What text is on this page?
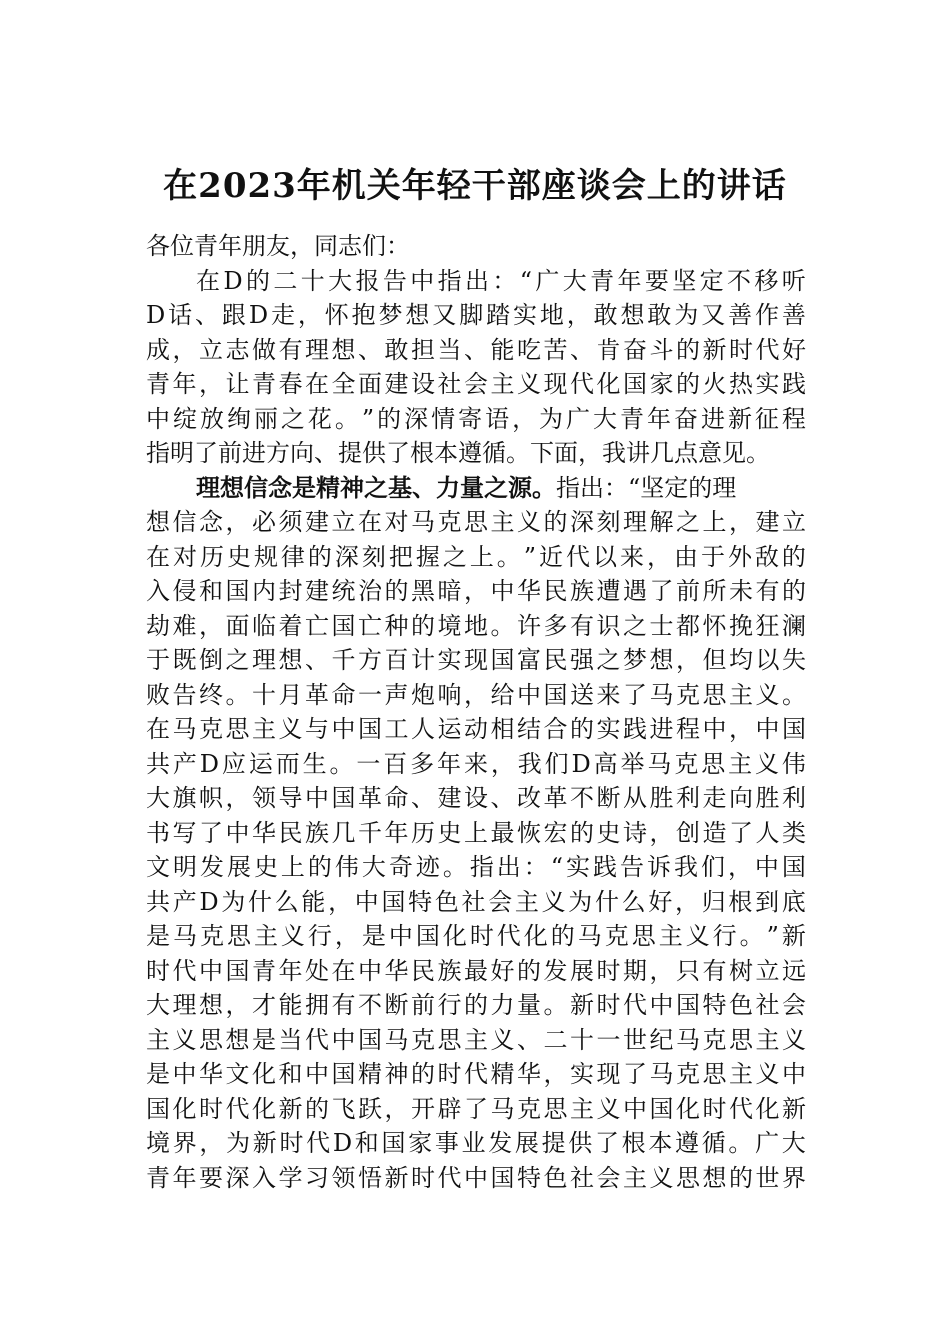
在2023年机关年轻干部座谈会上的讲话
各位青年朋友，同志们：
在 D 的 二 十 大 报 告 中 指 出 ： “ 广 大 青 年 要 坚 定 不 移 听
D 话 、 跟 D 走 ， 怀 抱 梦 想 又 脚 踏 实 地 ， 敢 想 敢 为 又 善 作 善
成 ， 立 志 做 有 理 想 、 敢 担 当 、 能 吃 苦 、 肯 奋 斗 的 新 时 代 好
青 年 ， 让 青 春 在 全 面 建 设 社 会 主 义 现 代 化 国 家 的 火 热 实 践
中 绽 放 绚 丽 之 花 。 ” 的 深 情 寄 语 ， 为 广 大 青 年 奋 进 新 征 程
指明了前进方向、提供了根本遵循。下面，我讲几点意见。
理想信念是精神之基、力量之源。指出：“坚定的理
想 信 念 ， 必 须 建 立 在 对 马 克 思 主 义 的 深 刻 理 解 之 上 ， 建 立
在 对 历 史 规 律 的 深 刻 把 握 之 上 。 ” 近 代 以 来 ， 由 于 外 敌 的
入 侵 和 国 内 封 建 统 治 的 黑 暗 ， 中 华 民 族 遭 遇 了 前 所 未 有 的
劫 难 ， 面 临 着 亡 国 亡 种 的 境 地 。 许 多 有 识 之 士 都 怀 挽 狂 澜
于 既 倒 之 理 想 、 千 方 百 计 实 现 国 富 民 强 之 梦 想 ， 但 均 以 失
败 告 终 。 十 月 革 命 一 声 炮 响 ， 给 中 国 送 来 了 马 克 思 主 义 。
在 马 克 思 主 义 与 中 国 工 人 运 动 相 结 合 的 实 践 进 程 中 ， 中 国
共 产 D 应 运 而 生 。 一 百 多 年 来 ， 我 们 D 高 举 马 克 思 主 义 伟
大 旗 帜 ， 领 导 中 国 革 命 、 建 设 、 改 革 不 断 从 胜 利 走 向 胜 利
书 写 了 中 华 民 族 几 千 年 历 史 上 最 恢 宏 的 史 诗 ， 创 造 了 人 类
文 明 发 展 史 上 的 伟 大 奇 迹 。 指 出 ： “ 实 践 告 诉 我 们 ， 中 国
共 产 D 为 什 么 能 ， 中 国 特 色 社 会 主 义 为 什 么 好 ， 归 根 到 底
是 马 克 思 主 义 行 ， 是 中 国 化 时 代 化 的 马 克 思 主 义 行 。 ” 新
时 代 中 国 青 年 处 在 中 华 民 族 最 好 的 发 展 时 期 ， 只 有 树 立 远
大 理 想 ， 才 能 拥 有 不 断 前 行 的 力 量 。 新 时 代 中 国 特 色 社 会
主 义 思 想 是 当 代 中 国 马 克 思 主 义 、 二 十 一 世 纪 马 克 思 主 义
是 中 华 文 化 和 中 国 精 神 的 时 代 精 华 ， 实 现 了 马 克 思 主 义 中
国 化 时 代 化 新 的 飞 跃 ， 开 辟 了 马 克 思 主 义 中 国 化 时 代 化 新
境 界 ， 为 新 时 代 D 和 国 家 事 业 发 展 提 供 了 根 本 遵 循 。 广 大
青 年 要 深 入 学 习 领 悟 新 时 代 中 国 特 色 社 会 主 义 思 想 的 世 界
